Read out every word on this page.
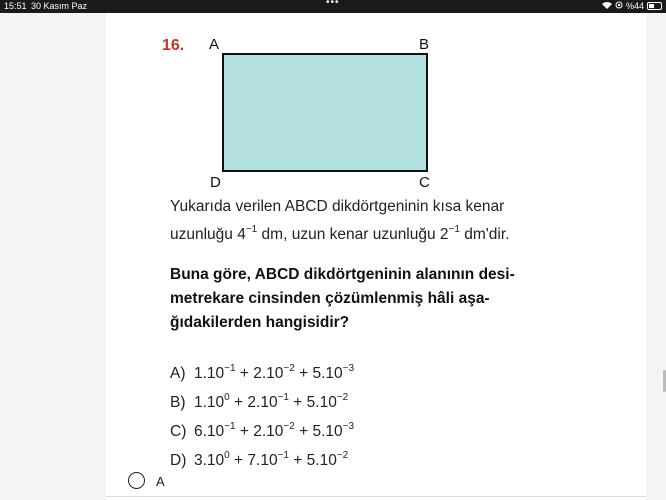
15:51 30 Kasım Paz	•••	%44
16. A	B
D	C
Yukarıda verilen ABCD dikdörtgeninin kısa kenar
uzunluğu $4^{-1}$ dm, uzun kenar uzunluğu $2^{-1}$ dm'dir.
Buna göre, ABCD dikdörtgeninin alanının desi-
metrekare cinsinden çözümlenmiş hâli aşa-
ğıdakilerden hangisidir?
A) $1.10^{-1} + 2.10^{-2} + 5.10^{-3}$
B) $1.10^0 + 2.10^{-1} + 5.10^{-2}$
C) $6.10^{-1} + 2.10^{-2} + 5.10^{-3}$
D) $3.10^0 + 7.10^{-1} + 5.10^{-2}$
A
